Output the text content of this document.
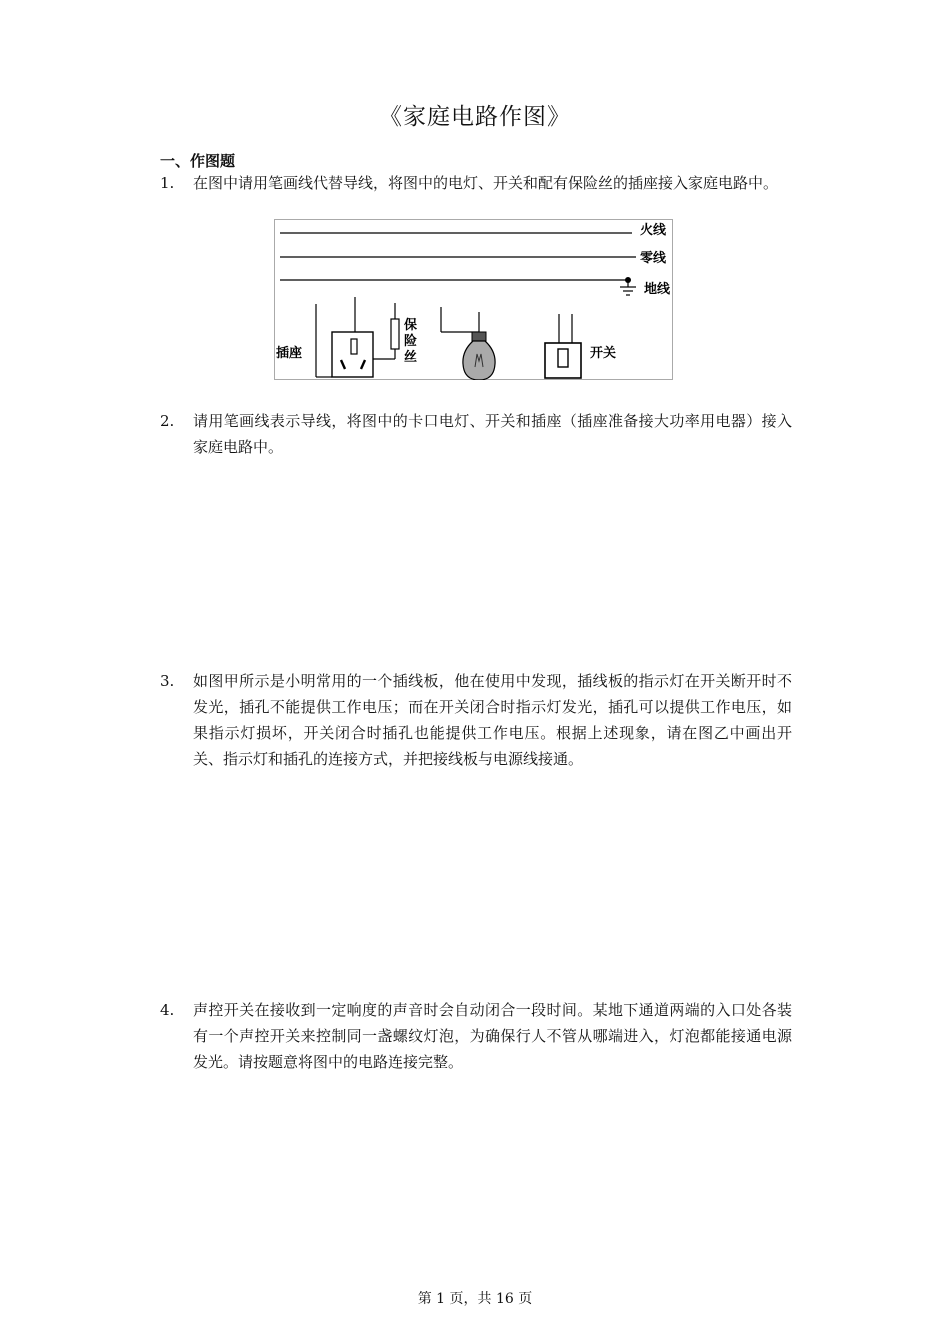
《家庭电路作图》
一、作图题
1.	在图中请用笔画线代替导线，将图中的电灯、开关和配有保险丝的插座接入家庭电路中。
火线
零线
地线
插座
保
险
丝	开关
2.	请用笔画线表示导线，将图中的卡口电灯、开关和插座（插座准备接大功率用电器）接入家庭电路中。
3.	如图甲所示是小明常用的一个插线板，他在使用中发现，插线板的指示灯在开关断开时不发光，插孔不能提供工作电压；而在开关闭合时指示灯发光，插孔可以提供工作电压，如果指示灯损坏，开关闭合时插孔也能提供工作电压。根据上述现象，请在图乙中画出开关、指示灯和插孔的连接方式，并把接线板与电源线接通。
4.	声控开关在接收到一定响度的声音时会自动闭合一段时间。某地下通道两端的入口处各装有一个声控开关来控制同一盏螺纹灯泡，为确保行人不管从哪端进入，灯泡都能接通电源发光。请按题意将图中的电路连接完整。
第 1 页，共 16 页
